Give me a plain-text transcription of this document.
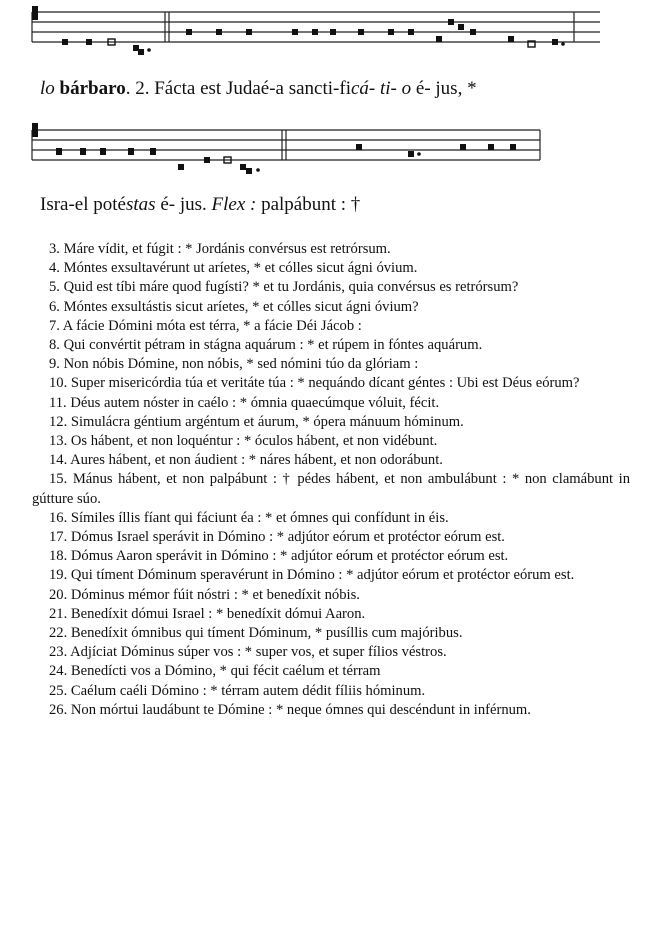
lo bárbaro. 2. Fácta est Judaé-a sancti-ficá- ti- o é- jus, *
Isra-el potéstas é- jus. Flex : palpábunt : †

3. Máre vídit, et fúgit : * Jordánis convérsus est retrórsum.

4. Móntes exsultavérunt ut aríetes, * et cólles sicut ágni óvium.

5. Quid est tíbi máre quod fugísti? * et tu Jordánis, quia convérsus es retrórsum?

6. Móntes exsultástis sicut aríetes, * et cólles sicut ágni óvium?

7. A fácie Dómini móta est térra, * a fácie Déi Jácob :

8. Qui convértit pétram in stágna aquárum : * et rúpem in fóntes aquárum.

9. Non nóbis Dómine, non nóbis, * sed nómini túo da glóriam :

10. Super misericórdia túa et veritáte túa : * nequándo dícant géntes : Ubi est Déus eórum?

11. Déus autem nóster in caélo : * ómnia quaecúmque vóluit, fécit.

12. Simulácra géntium argéntum et áurum, * ópera mánuum hóminum.

13. Os hábent, et non loquéntur : * óculos hábent, et non vidébunt.

14. Aures hábent, et non áudient : * náres hábent, et non odorábunt.

15. Mánus hábent, et non palpábunt : † pédes hábent, et non ambulábunt : * non clamábunt in gútture súo.

16. Símiles íllis fíant qui fáciunt éa : * et ómnes qui confídunt in éis.

17. Dómus Israel sperávit in Dómino : * adjútor eórum et protéctor eórum est.

18. Dómus Aaron sperávit in Dómino : * adjútor eórum et protéctor eórum est.

19. Qui tíment Dóminum speravérunt in Dómino : * adjútor eórum et protéctor eórum est.

20. Dóminus mémor fúit nóstri : * et benedíxit nóbis.

21. Benedíxit dómui Israel : * benedíxit dómui Aaron.

22. Benedíxit ómnibus qui tíment Dóminum, * pusíllis cum majóribus.

23. Adjíciat Dóminus súper vos : * super vos, et super fílios véstros.

24. Benedícti vos a Dómino, * qui fécit caélum et térram

25. Caélum caéli Dómino : * térram autem dédit fíliis hóminum.

26. Non mórtui laudábunt te Dómine : * neque ómnes qui descéndunt in inférnum.
